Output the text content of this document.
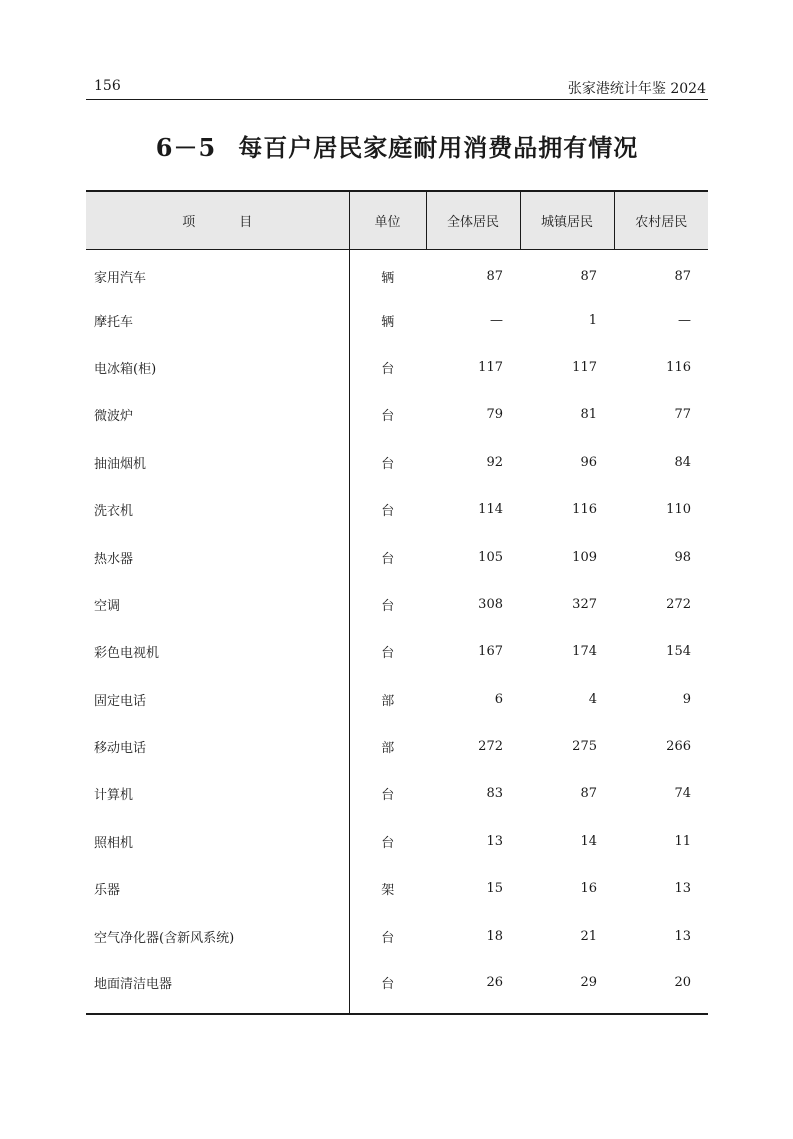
156	张家港统计年鉴 2024
6－5 每百户居民家庭耐用消费品拥有情况
项 目	单位	全体居民	城镇居民	农村居民
家用汽车	辆	87	87	87
摩托车	辆	—	1	—
电冰箱(柜)	台	117	117	116
微波炉	台	79	81	77
抽油烟机	台	92	96	84
洗衣机	台	114	116	110
热水器	台	105	109	98
空调	台	308	327	272
彩色电视机	台	167	174	154
固定电话	部	6	4	9
移动电话	部	272	275	266
计算机	台	83	87	74
照相机	台	13	14	11
乐器	架	15	16	13
空气净化器(含新风系统)	台	18	21	13
地面清洁电器	台	26	29	20
